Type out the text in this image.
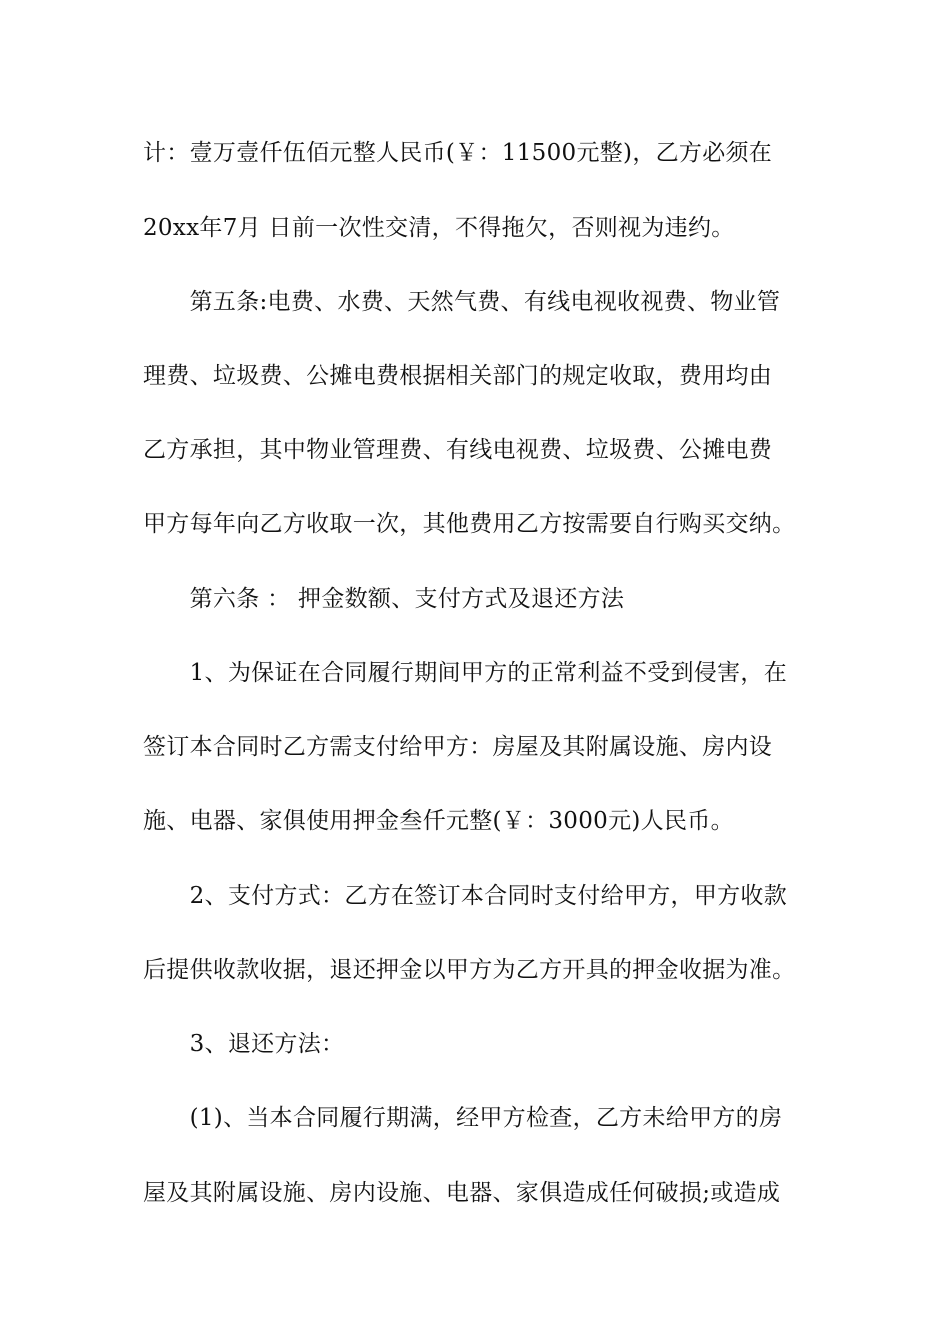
计：壹万壹仟伍佰元整人民币(￥：11500元整)，乙方必须在
20xx年7月 日前一次性交清，不得拖欠，否则视为违约。
　　第五条:电费、水费、天然气费、有线电视收视费、物业管
理费、垃圾费、公摊电费根据相关部门的规定收取，费用均由
乙方承担，其中物业管理费、有线电视费、垃圾费、公摊电费
甲方每年向乙方收取一次，其他费用乙方按需要自行购买交纳。
　　第六条 ： 押金数额、支付方式及退还方法
　　1、为保证在合同履行期间甲方的正常利益不受到侵害，在
签订本合同时乙方需支付给甲方：房屋及其附属设施、房内设
施、电器、家俱使用押金叁仟元整(￥：3000元)人民币。
　　2、支付方式：乙方在签订本合同时支付给甲方，甲方收款
后提供收款收据，退还押金以甲方为乙方开具的押金收据为准。
　　3、退还方法：
　　(1)、当本合同履行期满，经甲方检查，乙方未给甲方的房
屋及其附属设施、房内设施、电器、家俱造成任何破损;或造成
